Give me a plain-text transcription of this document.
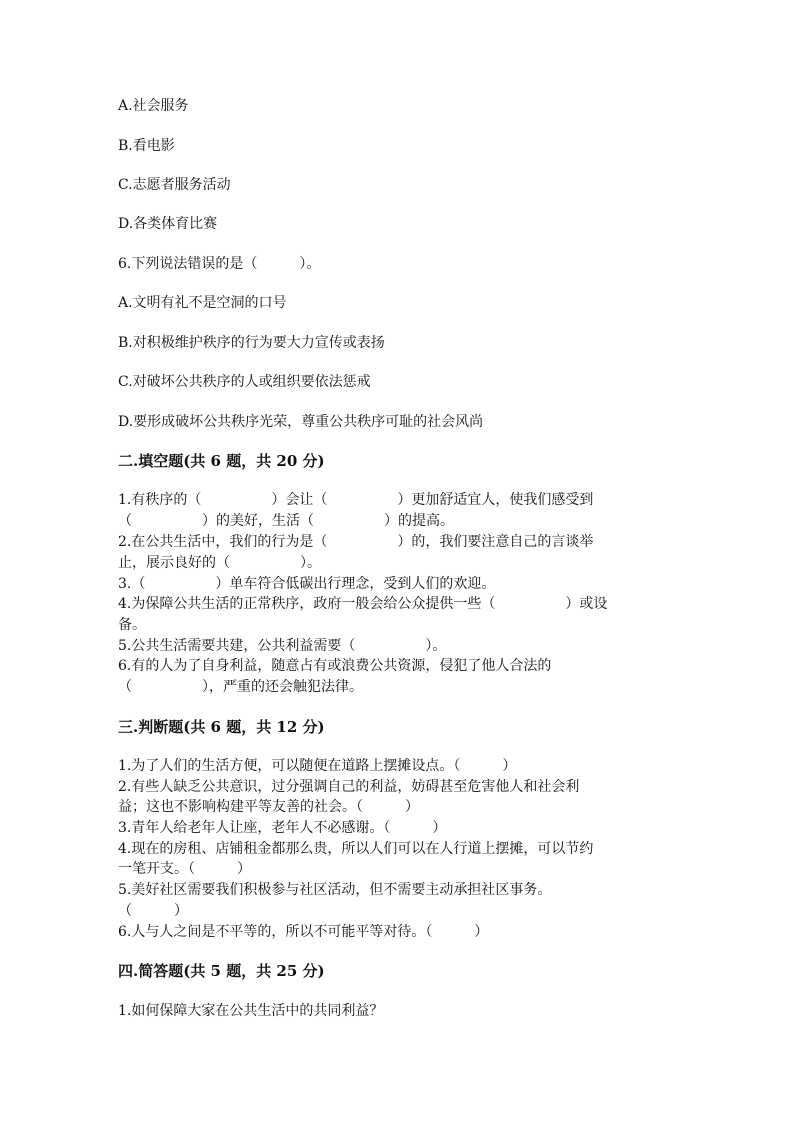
A.社会服务
B.看电影
C.志愿者服务活动
D.各类体育比赛
6.下列说法错误的是（　　　）。
A.文明有礼不是空洞的口号
B.对积极维护秩序的行为要大力宣传或表扬
C.对破坏公共秩序的人或组织要依法惩戒
D.要形成破坏公共秩序光荣，尊重公共秩序可耻的社会风尚
二.填空题(共 6 题，共 20 分)
1.有秩序的（　　　　　）会让（　　　　　）更加舒适宜人，使我们感受到
（　　　　　）的美好，生活（　　　　　）的提高。
2.在公共生活中，我们的行为是（　　　　　）的，我们要注意自己的言谈举
止，展示良好的（　　　　　）。
3.（　　　　　）单车符合低碳出行理念，受到人们的欢迎。
4.为保障公共生活的正常秩序，政府一般会给公众提供一些（　　　　　）或设
备。
5.公共生活需要共建，公共利益需要（　　　　　）。
6.有的人为了自身利益，随意占有或浪费公共资源，侵犯了他人合法的
（　　　　　），严重的还会触犯法律。
三.判断题(共 6 题，共 12 分)
1.为了人们的生活方便，可以随便在道路上摆摊设点。（　　　）
2.有些人缺乏公共意识，过分强调自己的利益，妨碍甚至危害他人和社会利
益；这也不影响构建平等友善的社会。（　　　）
3.青年人给老年人让座，老年人不必感谢。（　　　）
4.现在的房租、店铺租金都那么贵，所以人们可以在人行道上摆摊，可以节约
一笔开支。（　　　）
5.美好社区需要我们积极参与社区活动，但不需要主动承担社区事务。
（　　　）
6.人与人之间是不平等的，所以不可能平等对待。（　　　）
四.简答题(共 5 题，共 25 分)
1.如何保障大家在公共生活中的共同利益？
